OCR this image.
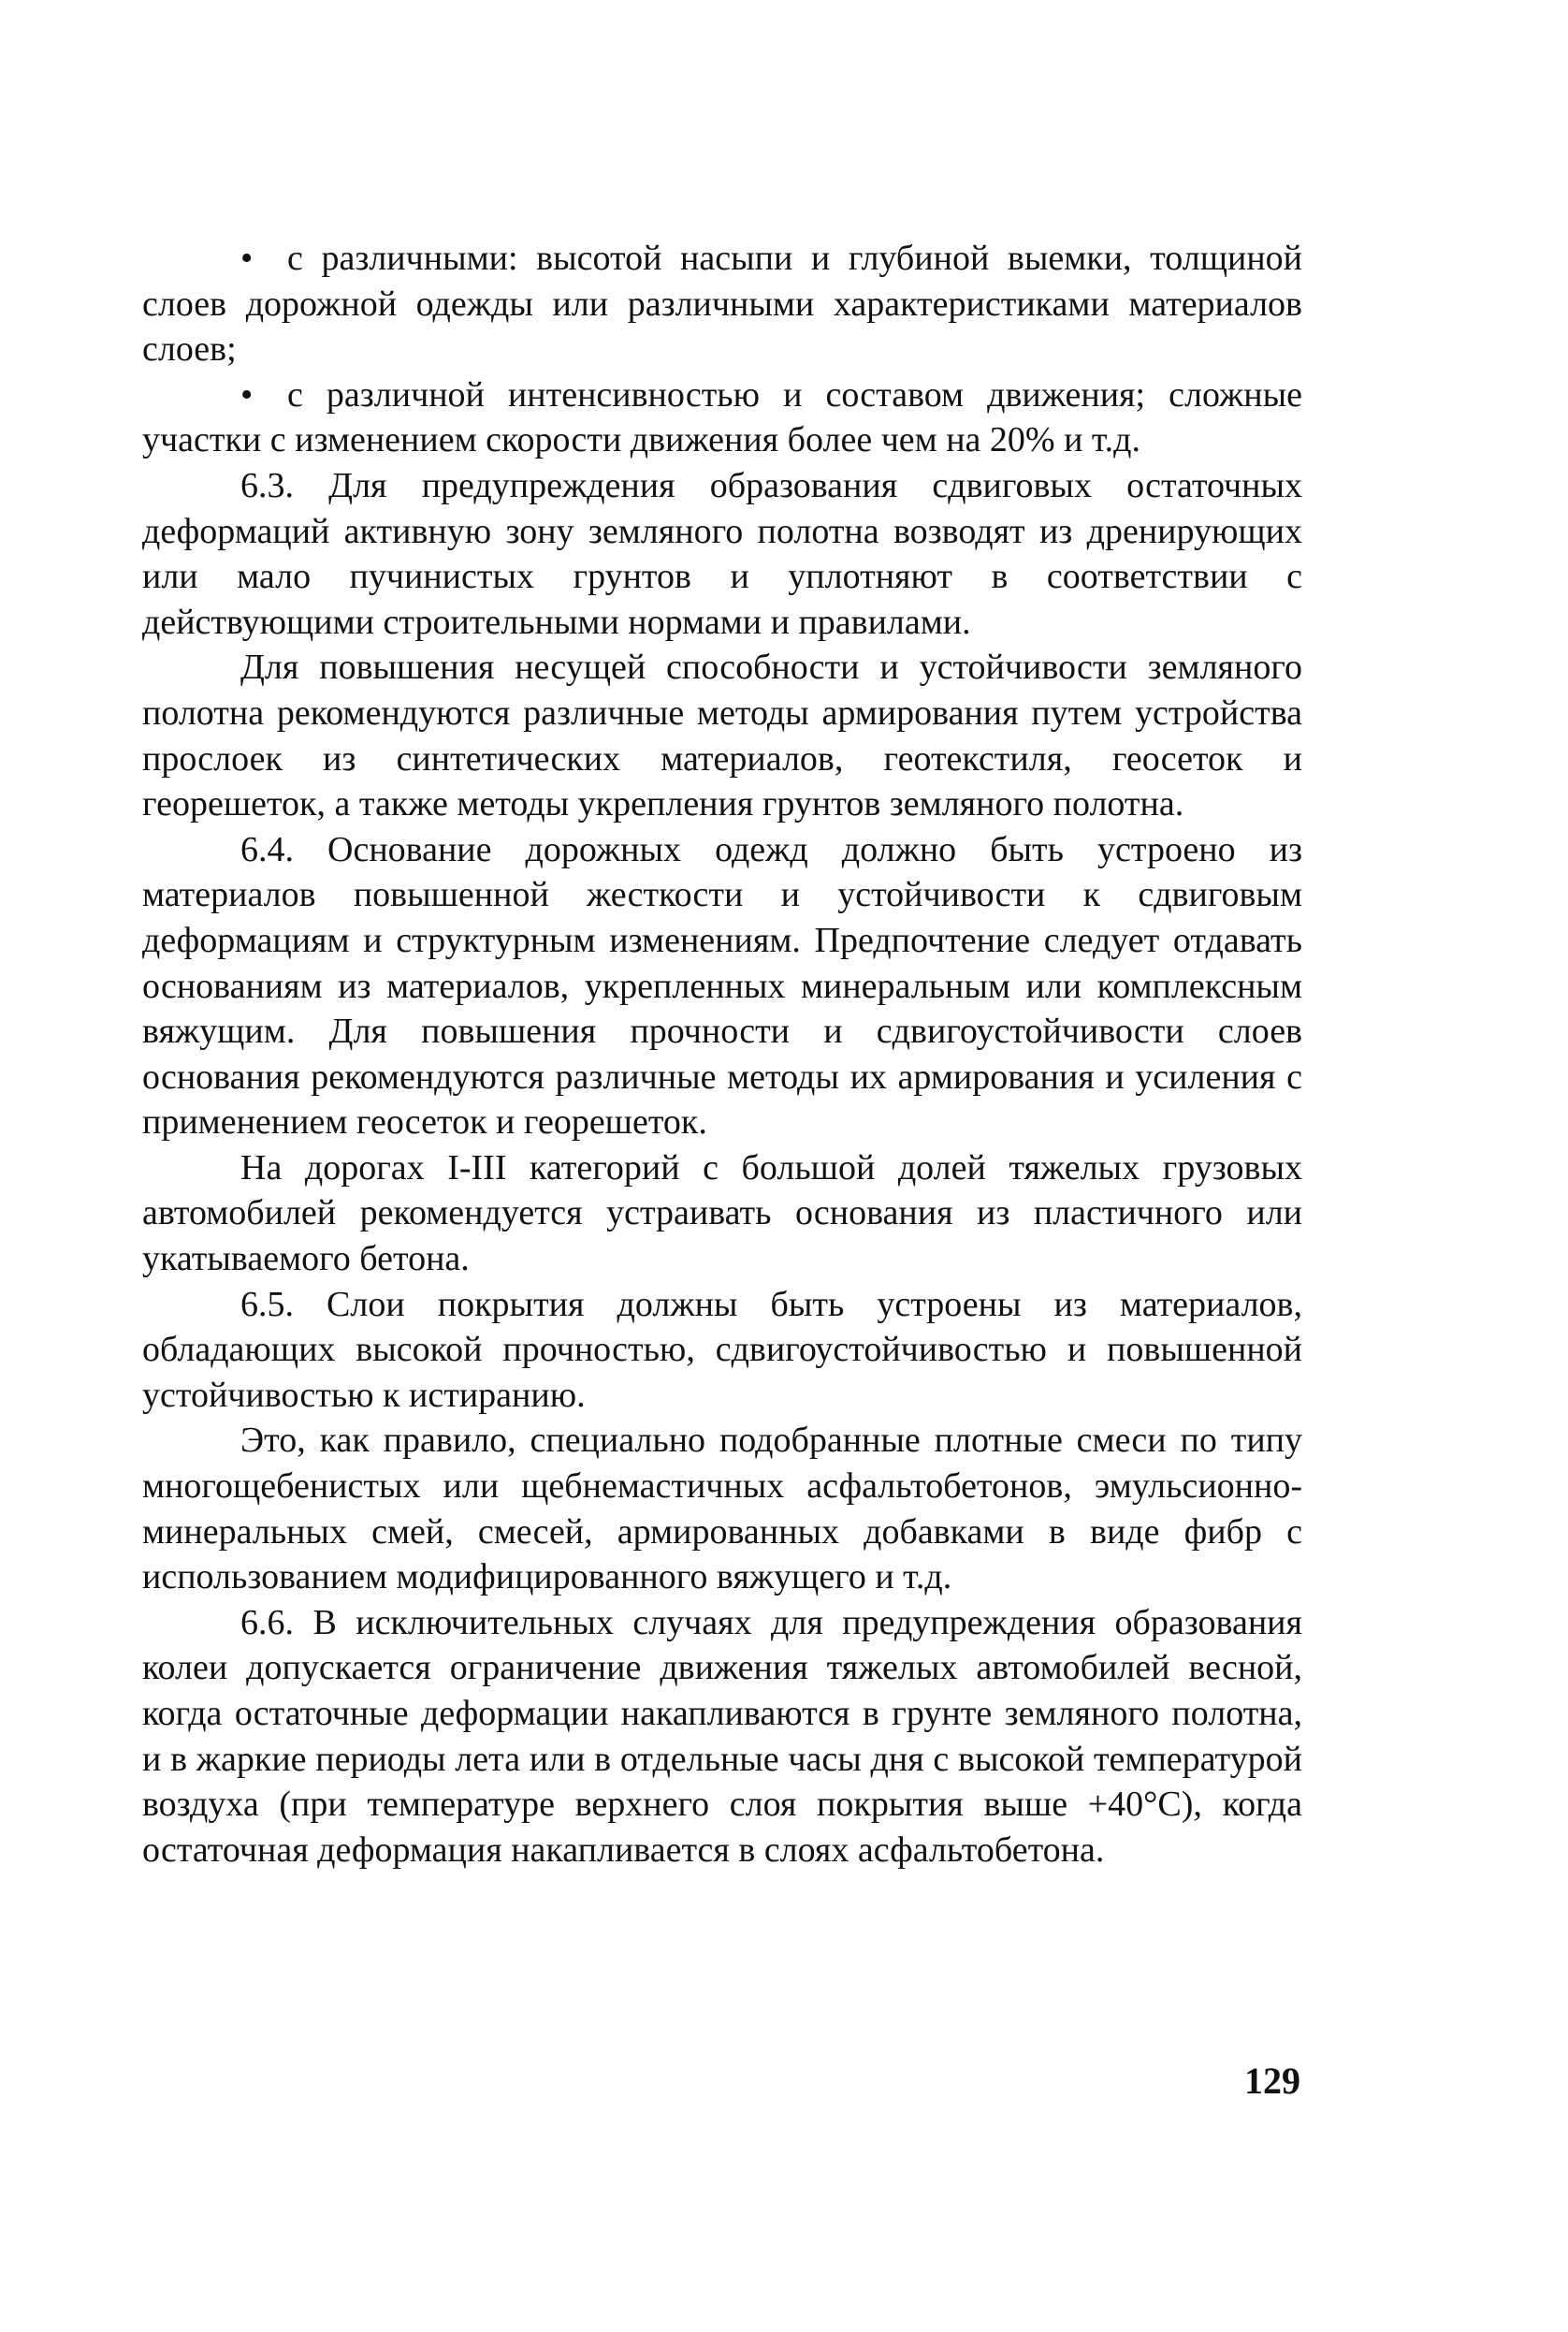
• с различными: высотой насыпи и глубиной выемки, толщиной слоев дорожной одежды или различными характеристиками материалов слоев;

• с различной интенсивностью и составом движения; сложные участки с изменением скорости движения более чем на 20% и т.д.

6.3. Для предупреждения образования сдвиговых остаточных деформаций активную зону земляного полотна возводят из дренирующих или мало пучинистых грунтов и уплотняют в соответствии с действующими строительными нормами и правилами.

Для повышения несущей способности и устойчивости земляного полотна рекомендуются различные методы армирования путем устройства прослоек из синтетических материалов, геотекстиля, геосеток и георешеток, а также методы укрепления грунтов земляного полотна.

6.4. Основание дорожных одежд должно быть устроено из материалов повышенной жесткости и устойчивости к сдвиговым деформациям и структурным изменениям. Предпочтение следует отдавать основаниям из материалов, укрепленных минеральным или комплексным вяжущим. Для повышения прочности и сдвигоустойчивости слоев основания рекомендуются различные методы их армирования и усиления с применением геосеток и георешеток.

На дорогах I-III категорий с большой долей тяжелых грузовых автомобилей рекомендуется устраивать основания из пластичного или укатываемого бетона.

6.5. Слои покрытия должны быть устроены из материалов, обладающих высокой прочностью, сдвигоустойчивостью и повышенной устойчивостью к истиранию.

Это, как правило, специально подобранные плотные смеси по типу многощебенистых или щебнемастичных асфальтобетонов, эмульсионно-минеральных смей, смесей, армированных добавками в виде фибр с использованием модифицированного вяжущего и т.д.

6.6. В исключительных случаях для предупреждения образования колеи допускается ограничение движения тяжелых автомобилей весной, когда остаточные деформации накапливаются в грунте земляного полотна, и в жаркие периоды лета или в отдельные часы дня с высокой температурой воздуха (при температуре верхнего слоя покрытия выше +40°С), когда остаточная деформация накапливается в слоях асфальтобетона.

129
